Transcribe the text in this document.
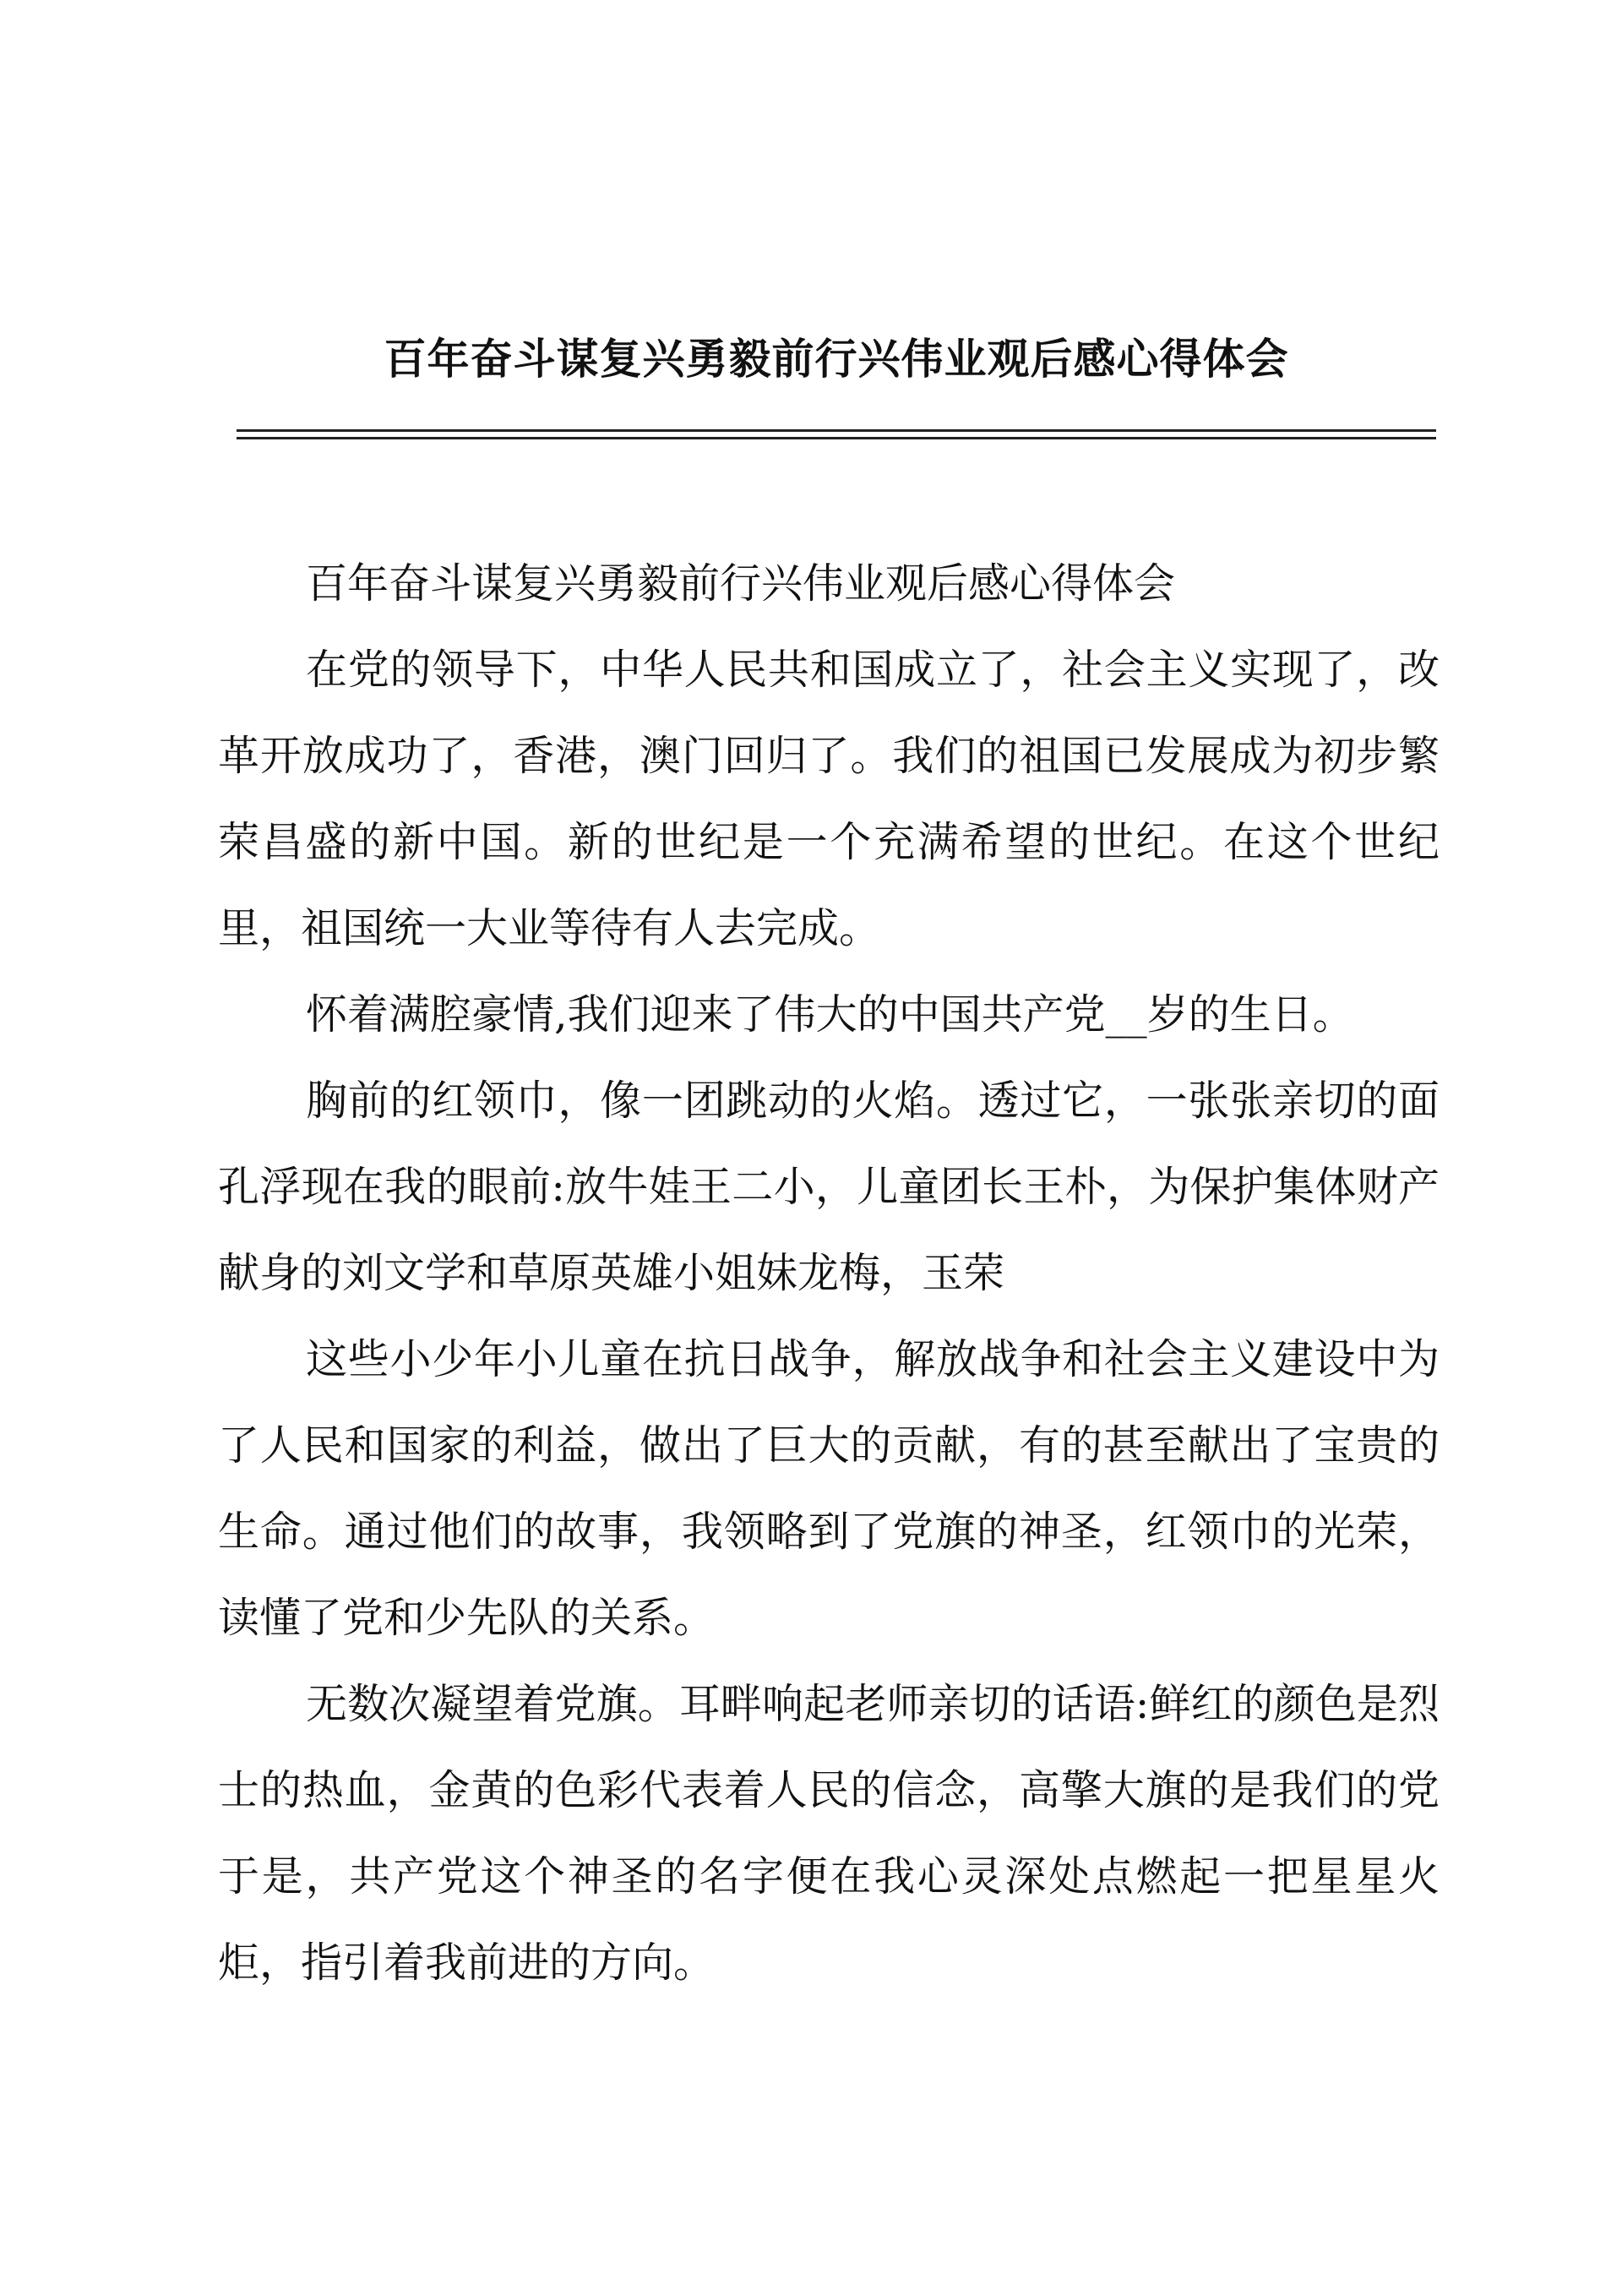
百年奋斗谋复兴勇毅前行兴伟业观后感心得体会

百年奋斗谋复兴勇毅前行兴伟业观后感心得体会

在党的领导下，中华人民共和国成立了，社会主义实现了，改革开放成功了，香港，澳门回归了。我们的祖国已发展成为初步繁荣昌盛的新中国。新的世纪是一个充满希望的世纪。在这个世纪里，祖国统一大业等待有人去完成。

怀着满腔豪情,我们迎来了伟大的中国共产党__岁的生日。

胸前的红领巾，像一团跳动的火焰。透过它，一张张亲切的面孔浮现在我的眼前:放牛娃王二小，儿童团长王朴，为保护集体财产献身的刘文学和草原英雄小姐妹龙梅，玉荣

这些小少年小儿童在抗日战争，解放战争和社会主义建设中为了人民和国家的利益，做出了巨大的贡献，有的甚至献出了宝贵的生命。通过他们的故事，我领略到了党旗的神圣，红领巾的光荣，读懂了党和少先队的关系。

无数次凝望着党旗。耳畔响起老师亲切的话语:鲜红的颜色是烈士的热血，金黄的色彩代表着人民的信念，高擎大旗的是我们的党于是，共产党这个神圣的名字便在我心灵深处点燃起一把星星火炬，指引着我前进的方向。
